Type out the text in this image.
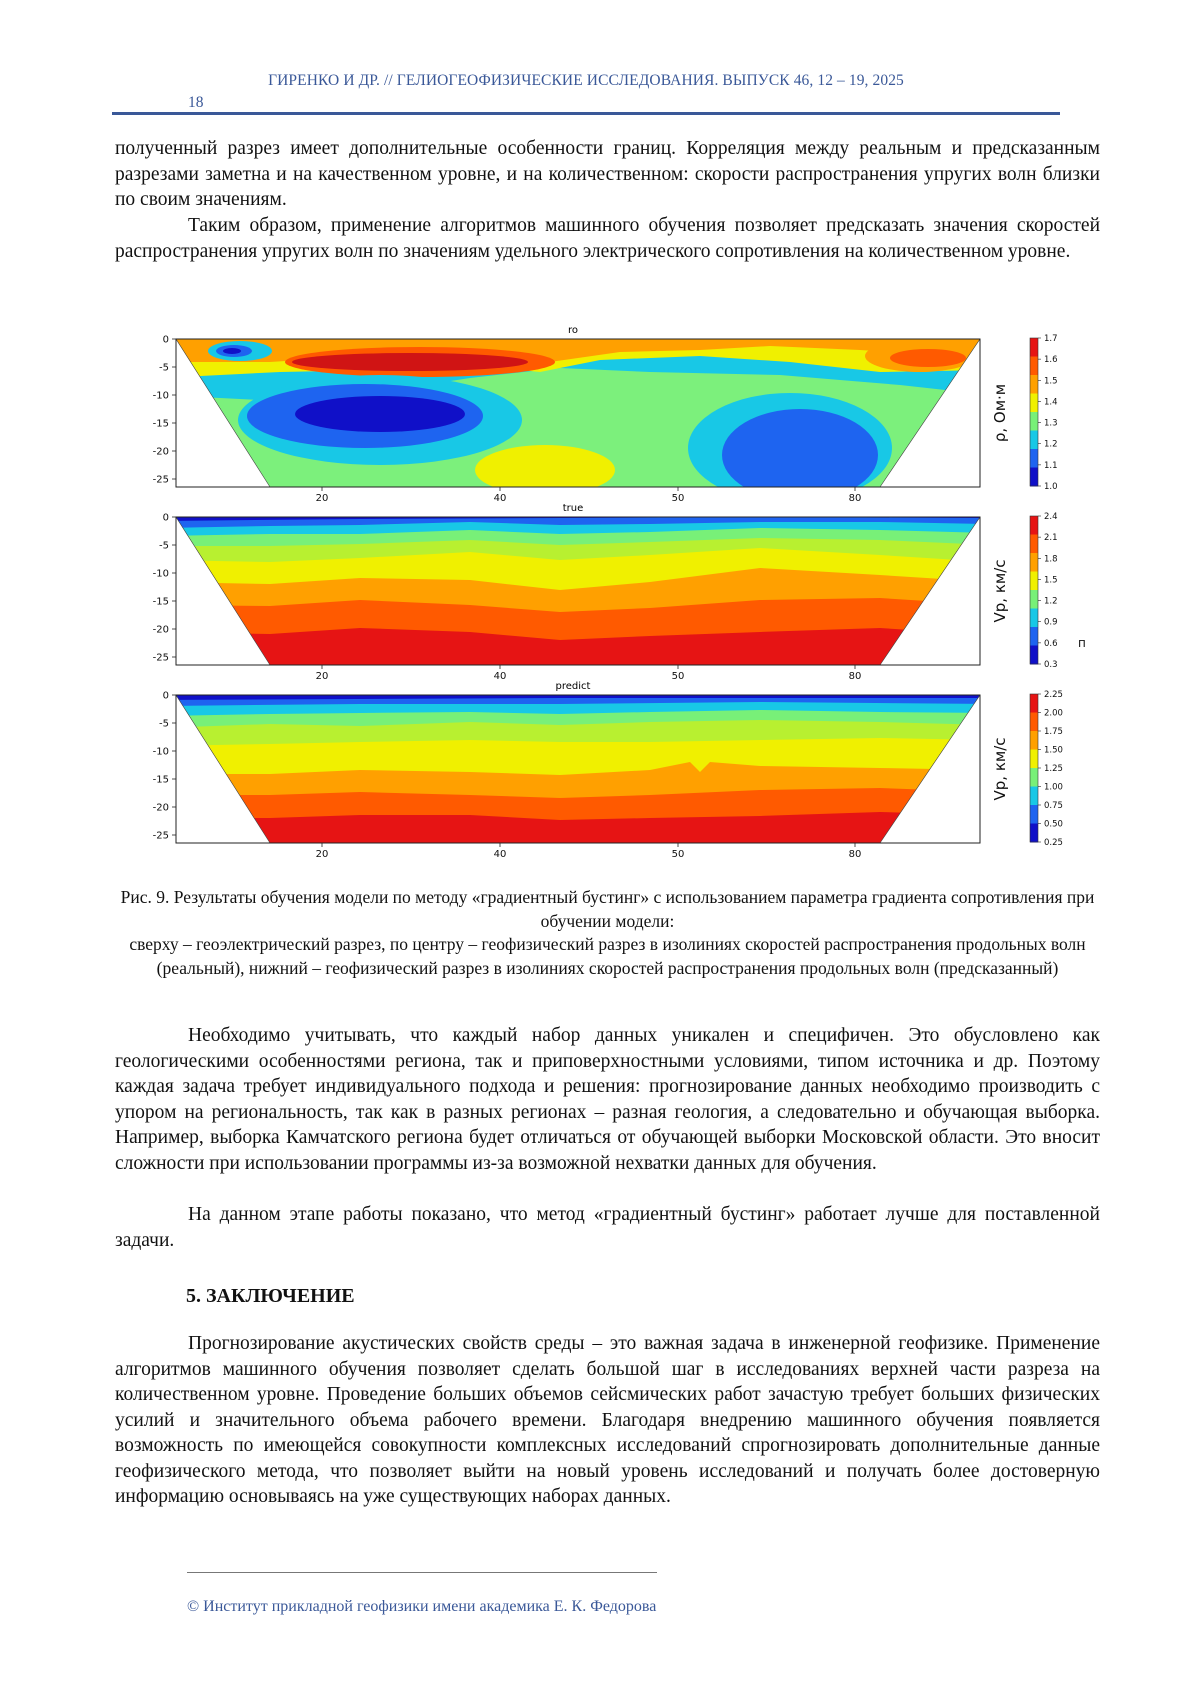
ГИРЕНКО И ДР. // ГЕЛИОГЕОФИЗИЧЕСКИЕ ИССЛЕДОВАНИЯ. ВЫПУСК 46, 12 – 19, 2025
18

полученный разрез имеет дополнительные особенности границ. Корреляция между реальным и предсказанным разрезами заметна и на качественном уровне, и на количественном: скорости распространения упругих волн близки по своим значениям.

Таким образом, применение алгоритмов машинного обучения позволяет предсказать значения скоростей распространения упругих волн по значениям удельного электрического сопротивления на количественном уровне.

ro
true
predict
0
-5
-10
-15
-20
-25
20	40	50	80
1.7
1.6
1.5
1.4
1.3
1.2
1.1
1.0
ρ, Ом·м
0
-5
-10
-15
-20
-25
20	40	50	80
2.4
2.1
1.8
1.5
1.2
0.9
0.6
0.3
Vp, км/с
п
0
-5
-10
-15
-20
-25
20	40	50	80
2.25
2.00
1.75
1.50
1.25
1.00
0.75
0.50
0.25
Vp, км/с
Рис. 9. Результаты обучения модели по методу «градиентный бустинг» с использованием параметра градиента сопротивления при обучении модели:
сверху – геоэлектрический разрез, по центру – геофизический разрез в изолиниях скоростей распространения продольных волн (реальный), нижний – геофизический разрез в изолиниях скоростей распространения продольных волн (предсказанный)

Необходимо учитывать, что каждый набор данных уникален и специфичен. Это обусловлено как геологическими особенностями региона, так и приповерхностными условиями, типом источника и др. Поэтому каждая задача требует индивидуального подхода и решения: прогнозирование данных необходимо производить с упором на региональность, так как в разных регионах – разная геология, а следовательно и обучающая выборка. Например, выборка Камчатского региона будет отличаться от обучающей выборки Московской области. Это вносит сложности при использовании программы из-за возможной нехватки данных для обучения.

На данном этапе работы показано, что метод «градиентный бустинг» работает лучше для поставленной задачи.

5. ЗАКЛЮЧЕНИЕ

Прогнозирование акустических свойств среды – это важная задача в инженерной геофизике. Применение алгоритмов машинного обучения позволяет сделать большой шаг в исследованиях верхней части разреза на количественном уровне. Проведение больших объемов сейсмических работ зачастую требует больших физических усилий и значительного объема рабочего времени. Благодаря внедрению машинного обучения появляется возможность по имеющейся совокупности комплексных исследований спрогнозировать дополнительные данные геофизического метода, что позволяет выйти на новый уровень исследований и получать более достоверную информацию основываясь на уже существующих наборах данных.

© Институт прикладной геофизики имени академика Е. К. Федорова
